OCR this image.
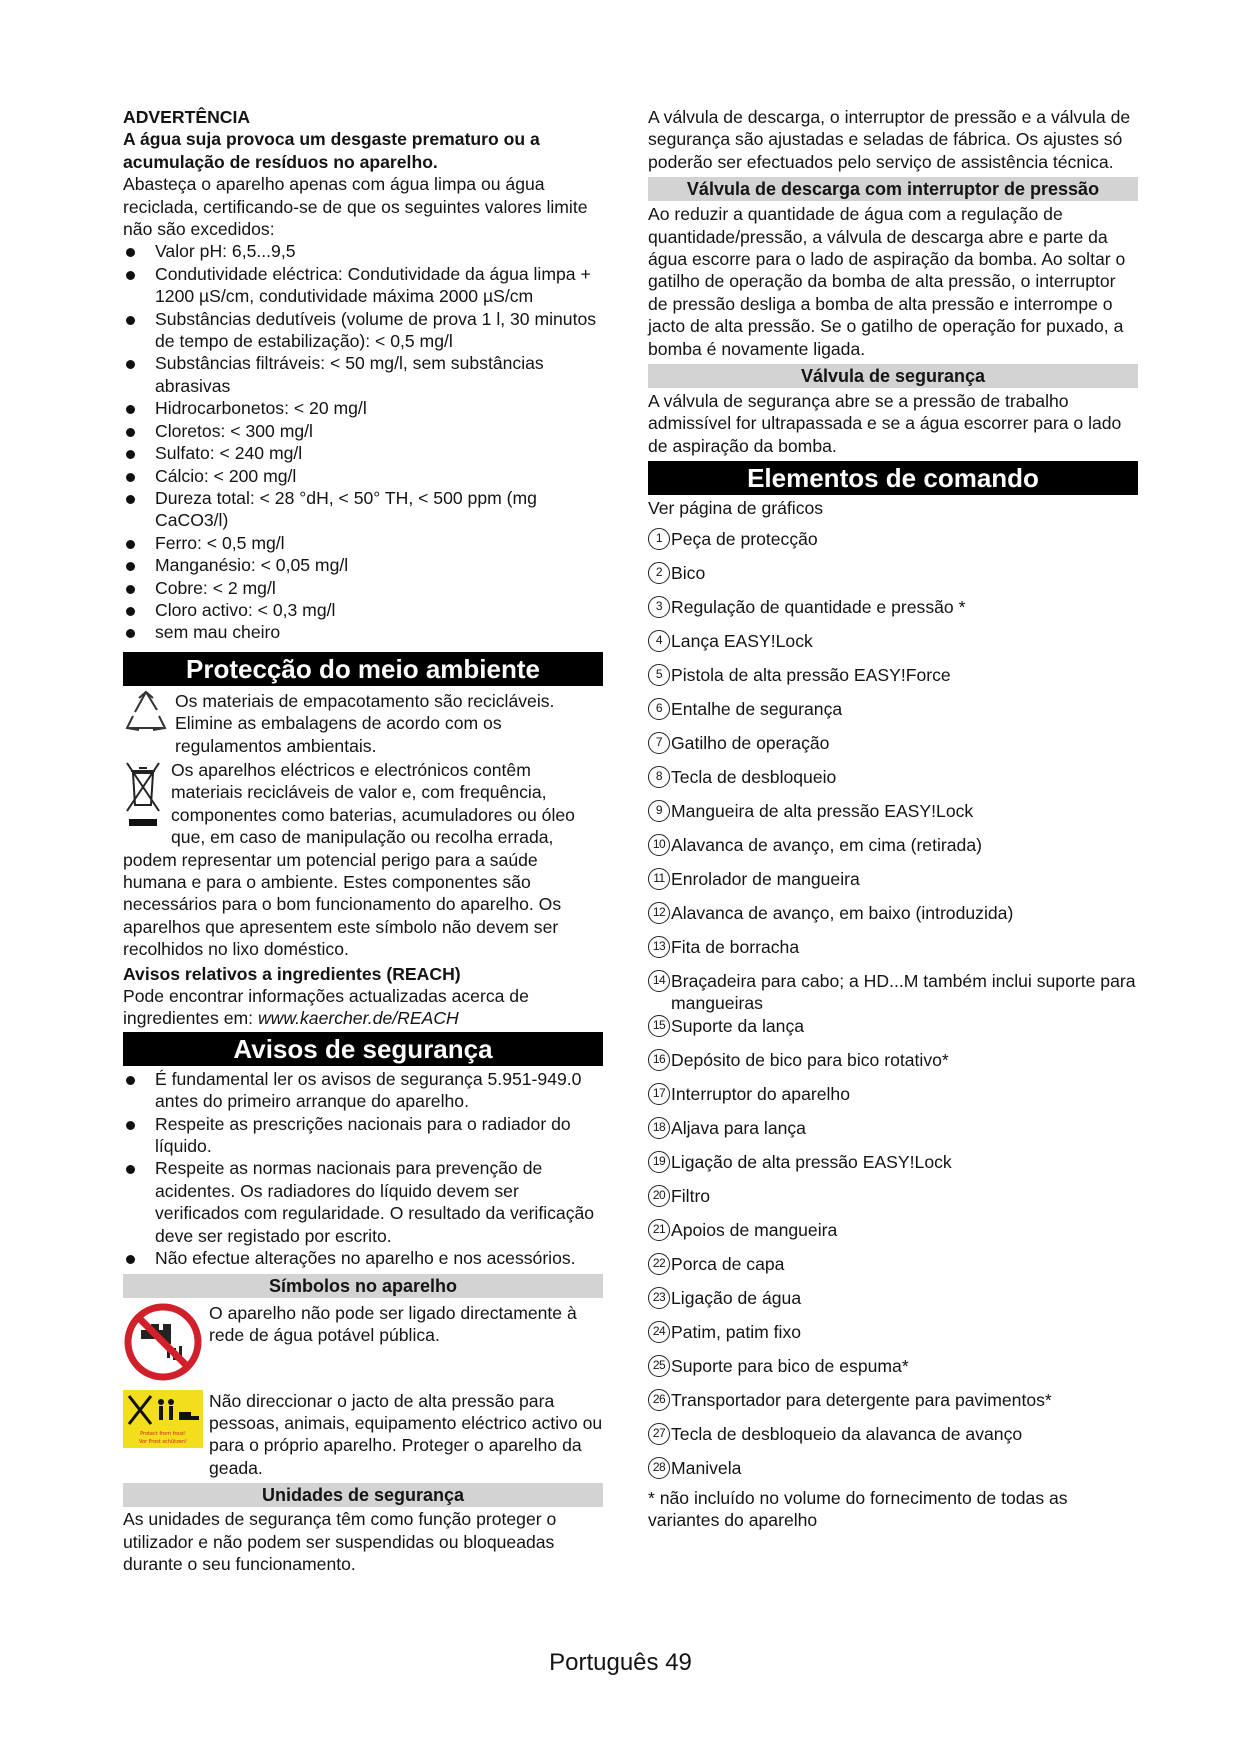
ADVERTÊNCIA

A água suja provoca um desgaste prematuro ou a acumulação de resíduos no aparelho.

Abasteça o aparelho apenas com água limpa ou água reciclada, certificando-se de que os seguintes valores limite não são excedidos:

Valor pH: 6,5...9,5
Condutividade eléctrica: Condutividade da água limpa + 1200 µS/cm, condutividade máxima 2000 µS/cm
Substâncias dedutíveis (volume de prova 1 l, 30 minutos de tempo de estabilização): < 0,5 mg/l
Substâncias filtráveis: < 50 mg/l, sem substâncias abrasivas
Hidrocarbonetos: < 20 mg/l
Cloretos: < 300 mg/l
Sulfato: < 240 mg/l
Cálcio: < 200 mg/l
Dureza total: < 28 °dH, < 50° TH, < 500 ppm (mg CaCO3/l)
Ferro: < 0,5 mg/l
Manganésio: < 0,05 mg/l
Cobre: < 2 mg/l
Cloro activo: < 0,3 mg/l
sem mau cheiro
Protecção do meio ambiente

Os materiais de empacotamento são recicláveis. Elimine as embalagens de acordo com os regulamentos ambientais.

Os aparelhos eléctricos e electrónicos contêm materiais recicláveis de valor e, com frequência, componentes como baterias, acumuladores ou óleo que, em caso de manipulação ou recolha errada, podem representar um potencial perigo para a saúde humana e para o ambiente. Estes componentes são necessários para o bom funcionamento do aparelho. Os aparelhos que apresentem este símbolo não devem ser recolhidos no lixo doméstico.

Avisos relativos a ingredientes (REACH)

Pode encontrar informações actualizadas acerca de ingredientes em: www.kaercher.de/REACH

Avisos de segurança
É fundamental ler os avisos de segurança 5.951-949.0 antes do primeiro arranque do aparelho.
Respeite as prescrições nacionais para o radiador do líquido.
Respeite as normas nacionais para prevenção de acidentes. Os radiadores do líquido devem ser verificados com regularidade. O resultado da verificação deve ser registado por escrito.
Não efectue alterações no aparelho e nos acessórios.
Símbolos no aparelho

O aparelho não pode ser ligado directamente à rede de água potável pública.

Protect from frost!
Vor Frost schützen!

Não direccionar o jacto de alta pressão para pessoas, animais, equipamento eléctrico activo ou para o próprio aparelho. Proteger o aparelho da geada.

Unidades de segurança

As unidades de segurança têm como função proteger o utilizador e não podem ser suspendidas ou bloqueadas durante o seu funcionamento.

A válvula de descarga, o interruptor de pressão e a válvula de segurança são ajustadas e seladas de fábrica. Os ajustes só poderão ser efectuados pelo serviço de assistência técnica.

Válvula de descarga com interruptor de pressão

Ao reduzir a quantidade de água com a regulação de quantidade/pressão, a válvula de descarga abre e parte da água escorre para o lado de aspiração da bomba. Ao soltar o gatilho de operação da bomba de alta pressão, o interruptor de pressão desliga a bomba de alta pressão e interrompe o jacto de alta pressão. Se o gatilho de operação for puxado, a bomba é novamente ligada.

Válvula de segurança

A válvula de segurança abre se a pressão de trabalho admissível for ultrapassada e se a água escorrer para o lado de aspiração da bomba.

Elementos de comando

Ver página de gráficos

1 Peça de protecção
2 Bico
3 Regulação de quantidade e pressão *
4 Lança EASY!Lock
5 Pistola de alta pressão EASY!Force
6 Entalhe de segurança
7 Gatilho de operação
8 Tecla de desbloqueio
9 Mangueira de alta pressão EASY!Lock
10 Alavanca de avanço, em cima (retirada)
11 Enrolador de mangueira
12 Alavanca de avanço, em baixo (introduzida)
13 Fita de borracha
14 Braçadeira para cabo; a HD...M também inclui suporte para mangueiras
15 Suporte da lança
16 Depósito de bico para bico rotativo*
17 Interruptor do aparelho
18 Aljava para lança
19 Ligação de alta pressão EASY!Lock
20 Filtro
21 Apoios de mangueira
22 Porca de capa
23 Ligação de água
24 Patim, patim fixo
25 Suporte para bico de espuma*
26 Transportador para detergente para pavimentos*
27 Tecla de desbloqueio da alavanca de avanço
28 Manivela

* não incluído no volume do fornecimento de todas as variantes do aparelho

Português 49
